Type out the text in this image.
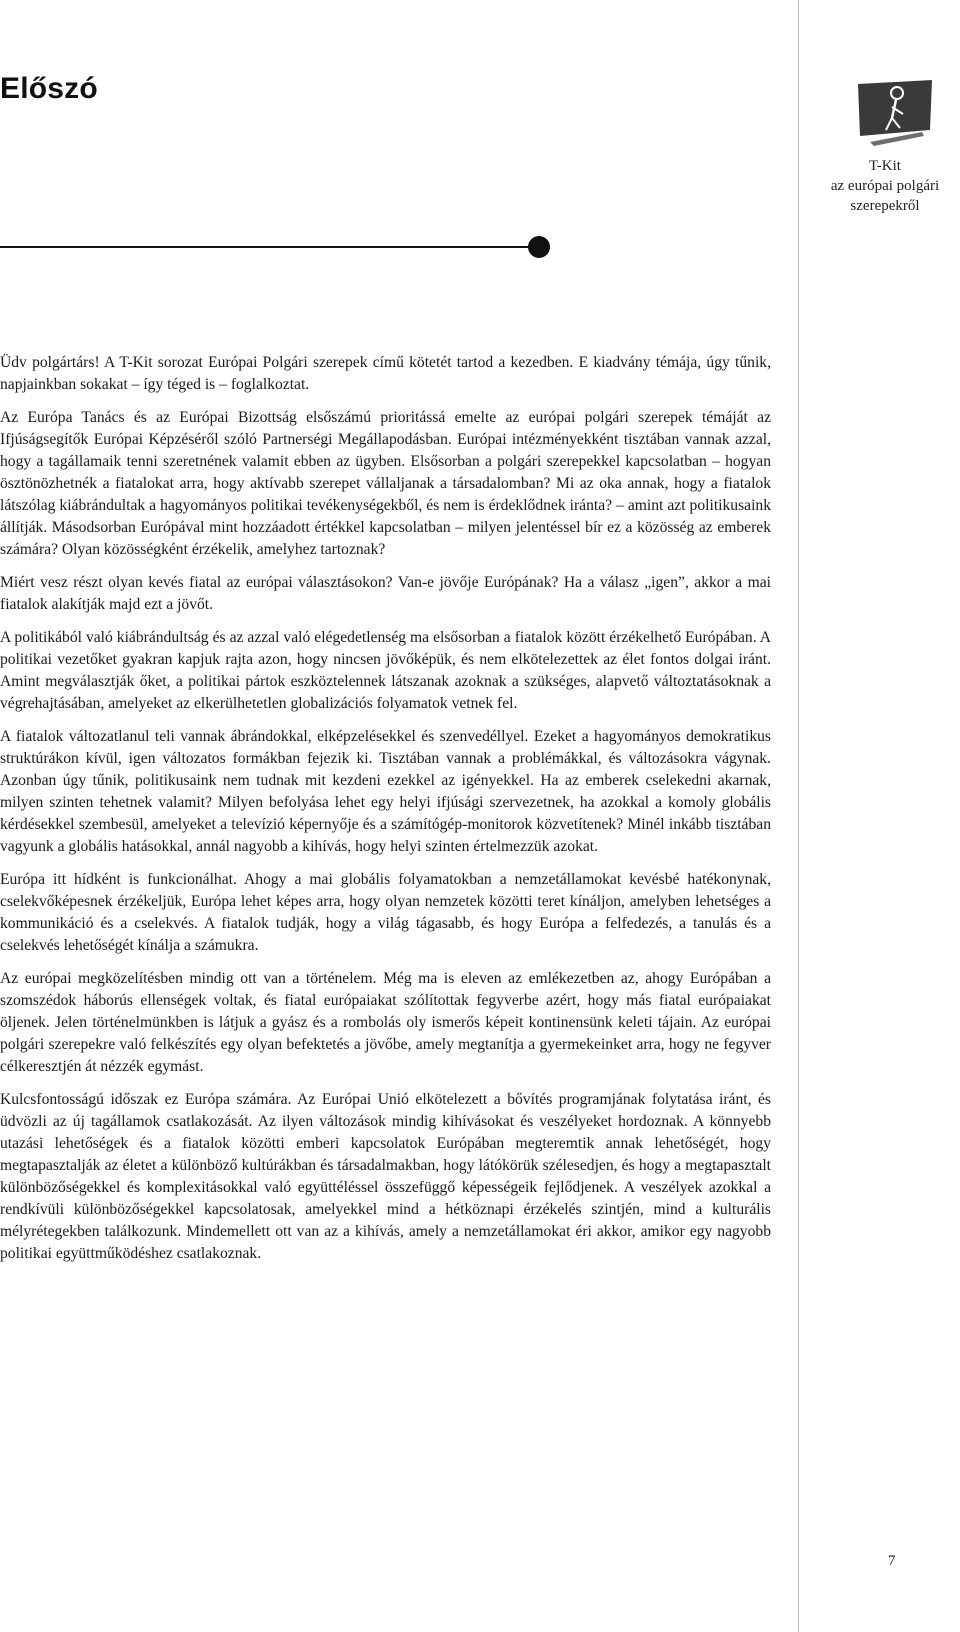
Előszó
T-Kit
az európai polgári
szerepekről

Üdv polgártárs! A T-Kit sorozat Európai Polgári szerepek című kötetét tartod a kezedben. E kiadvány témája, úgy tűnik, napjainkban sokakat – így téged is – foglalkoztat.

Az Európa Tanács és az Európai Bizottság elsőszámú prioritássá emelte az európai polgári szerepek témáját az Ifjúságsegítők Európai Képzéséről szóló Partnerségi Megállapodásban. Európai intézményekként tisztában vannak azzal, hogy a tagállamaik tenni szeretnének valamit ebben az ügyben. Elsősorban a polgári szerepekkel kapcsolatban – hogyan ösztönözhetnék a fiatalokat arra, hogy aktívabb szerepet vállaljanak a társadalomban? Mi az oka annak, hogy a fiatalok látszólag kiábrándultak a hagyományos politikai tevékenységekből, és nem is érdeklődnek iránta? – amint azt politikusaink állítják. Másodsorban Európával mint hozzáadott értékkel kapcsolatban – milyen jelentéssel bír ez a közösség az emberek számára? Olyan közösségként érzékelik, amelyhez tartoznak?

Miért vesz részt olyan kevés fiatal az európai választásokon? Van-e jövője Európának? Ha a válasz „igen”, akkor a mai fiatalok alakítják majd ezt a jövőt.

A politikából való kiábrándultság és az azzal való elégedetlenség ma elsősorban a fiatalok között érzékelhető Európában. A politikai vezetőket gyakran kapjuk rajta azon, hogy nincsen jövőképük, és nem elkötelezettek az élet fontos dolgai iránt. Amint megválasztják őket, a politikai pártok eszköztelennek látszanak azoknak a szükséges, alapvető változtatásoknak a végrehajtásában, amelyeket az elkerülhetetlen globalizációs folyamatok vetnek fel.

A fiatalok változatlanul teli vannak ábrándokkal, elképzelésekkel és szenvedéllyel. Ezeket a hagyományos demokratikus struktúrákon kívül, igen változatos formákban fejezik ki. Tisztában vannak a problémákkal, és változásokra vágynak. Azonban úgy tűnik, politikusaink nem tudnak mit kezdeni ezekkel az igényekkel. Ha az emberek cselekedni akarnak, milyen szinten tehetnek valamit? Milyen befolyása lehet egy helyi ifjúsági szervezetnek, ha azokkal a komoly globális kérdésekkel szembesül, amelyeket a televízió képernyője és a számítógép-monitorok közvetítenek? Minél inkább tisztában vagyunk a globális hatásokkal, annál nagyobb a kihívás, hogy helyi szinten értelmezzük azokat.

Európa itt hídként is funkcionálhat. Ahogy a mai globális folyamatokban a nemzetállamokat kevésbé hatékonynak, cselekvőképesnek érzékeljük, Európa lehet képes arra, hogy olyan nemzetek közötti teret kínáljon, amelyben lehetséges a kommunikáció és a cselekvés. A fiatalok tudják, hogy a világ tágasabb, és hogy Európa a felfedezés, a tanulás és a cselekvés lehetőségét kínálja a számukra.

Az európai megközelítésben mindig ott van a történelem. Még ma is eleven az emlékezetben az, ahogy Európában a szomszédok háborús ellenségek voltak, és fiatal európaiakat szólítottak fegyverbe azért, hogy más fiatal európaiakat öljenek. Jelen történelmünkben is látjuk a gyász és a rombolás oly ismerős képeit kontinensünk keleti tájain. Az európai polgári szerepekre való felkészítés egy olyan befektetés a jövőbe, amely megtanítja a gyermekeinket arra, hogy ne fegyver célkeresztjén át nézzék egymást.

Kulcsfontosságú időszak ez Európa számára. Az Európai Unió elkötelezett a bővítés programjának folytatása iránt, és üdvözli az új tagállamok csatlakozását. Az ilyen változások mindig kihívásokat és veszélyeket hordoznak. A könnyebb utazási lehetőségek és a fiatalok közötti emberi kapcsolatok Európában megteremtik annak lehetőségét, hogy megtapasztalják az életet a különböző kultúrákban és társadalmakban, hogy látókörük szélesedjen, és hogy a megtapasztalt különbözőségekkel és komplexitásokkal való együttéléssel összefüggő képességeik fejlődjenek. A veszélyek azokkal a rendkívüli különbözőségekkel kapcsolatosak, amelyekkel mind a hétköznapi érzékelés szintjén, mind a kulturális mélyrétegekben találkozunk. Mindemellett ott van az a kihívás, amely a nemzetállamokat éri akkor, amikor egy nagyobb politikai együttműködéshez csatlakoznak.

7
